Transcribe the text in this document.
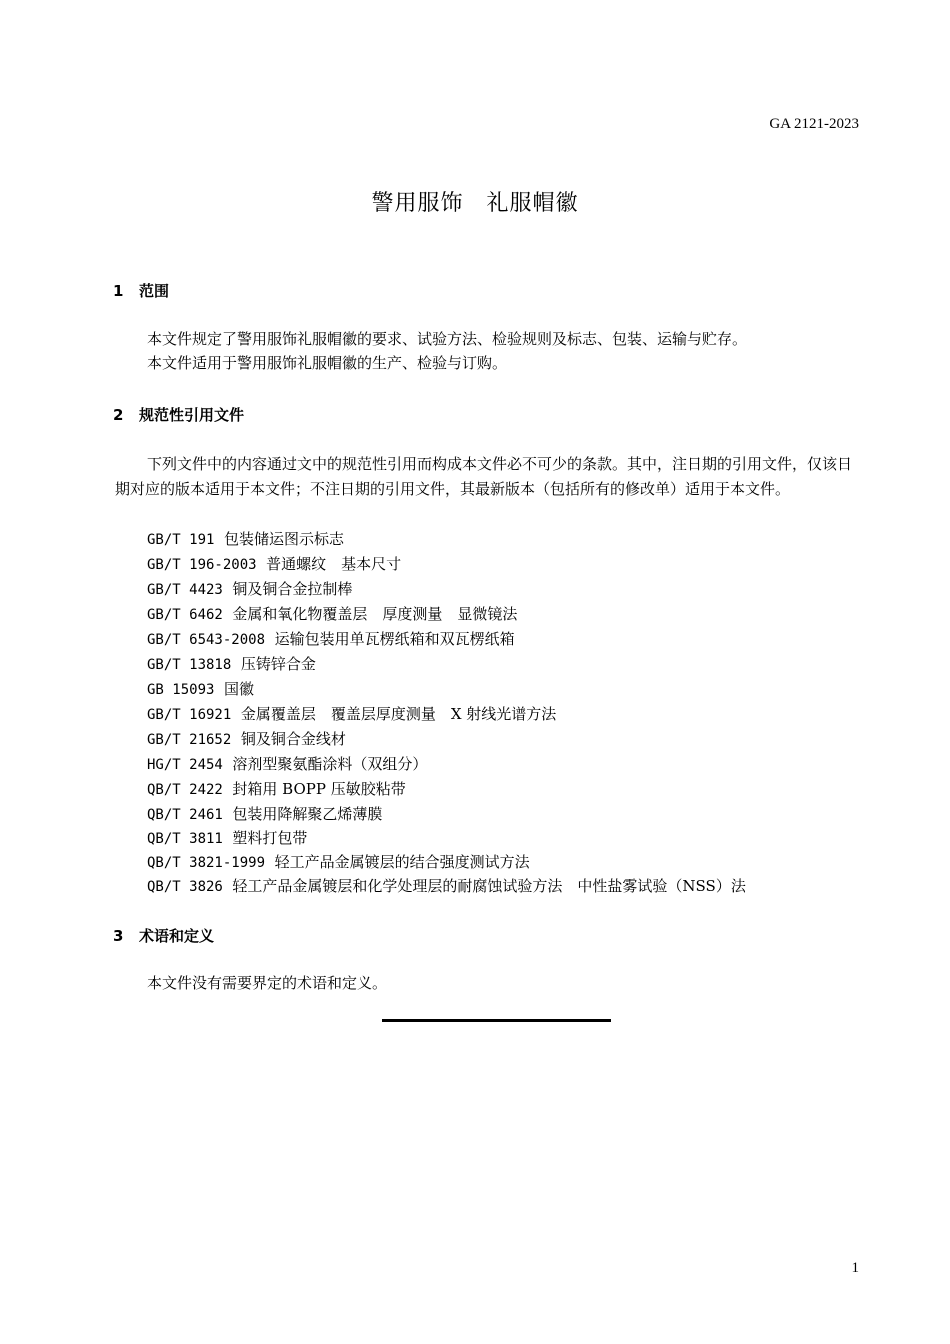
GA 2121-2023
警用服饰　礼服帽徽
1 范围
本文件规定了警用服饰礼服帽徽的要求、试验方法、检验规则及标志、包装、运输与贮存。
本文件适用于警用服饰礼服帽徽的生产、检验与订购。
2 规范性引用文件
下列文件中的内容通过文中的规范性引用而构成本文件必不可少的条款。其中，注日期的引用文件，仅该日期对应的版本适用于本文件；不注日期的引用文件，其最新版本（包括所有的修改单）适用于本文件。
GB/T 191 包装储运图示标志
GB/T 196-2003 普通螺纹　基本尺寸
GB/T 4423 铜及铜合金拉制棒
GB/T 6462 金属和氧化物覆盖层　厚度测量　显微镜法
GB/T 6543-2008 运输包装用单瓦楞纸箱和双瓦楞纸箱
GB/T 13818 压铸锌合金
GB 15093 国徽
GB/T 16921 金属覆盖层　覆盖层厚度测量　X 射线光谱方法
GB/T 21652 铜及铜合金线材
HG/T 2454 溶剂型聚氨酯涂料（双组分）
QB/T 2422 封箱用 BOPP 压敏胶粘带
QB/T 2461 包装用降解聚乙烯薄膜
QB/T 3811 塑料打包带
QB/T 3821-1999 轻工产品金属镀层的结合强度测试方法
QB/T 3826 轻工产品金属镀层和化学处理层的耐腐蚀试验方法　中性盐雾试验（NSS）法
3 术语和定义
本文件没有需要界定的术语和定义。
1
